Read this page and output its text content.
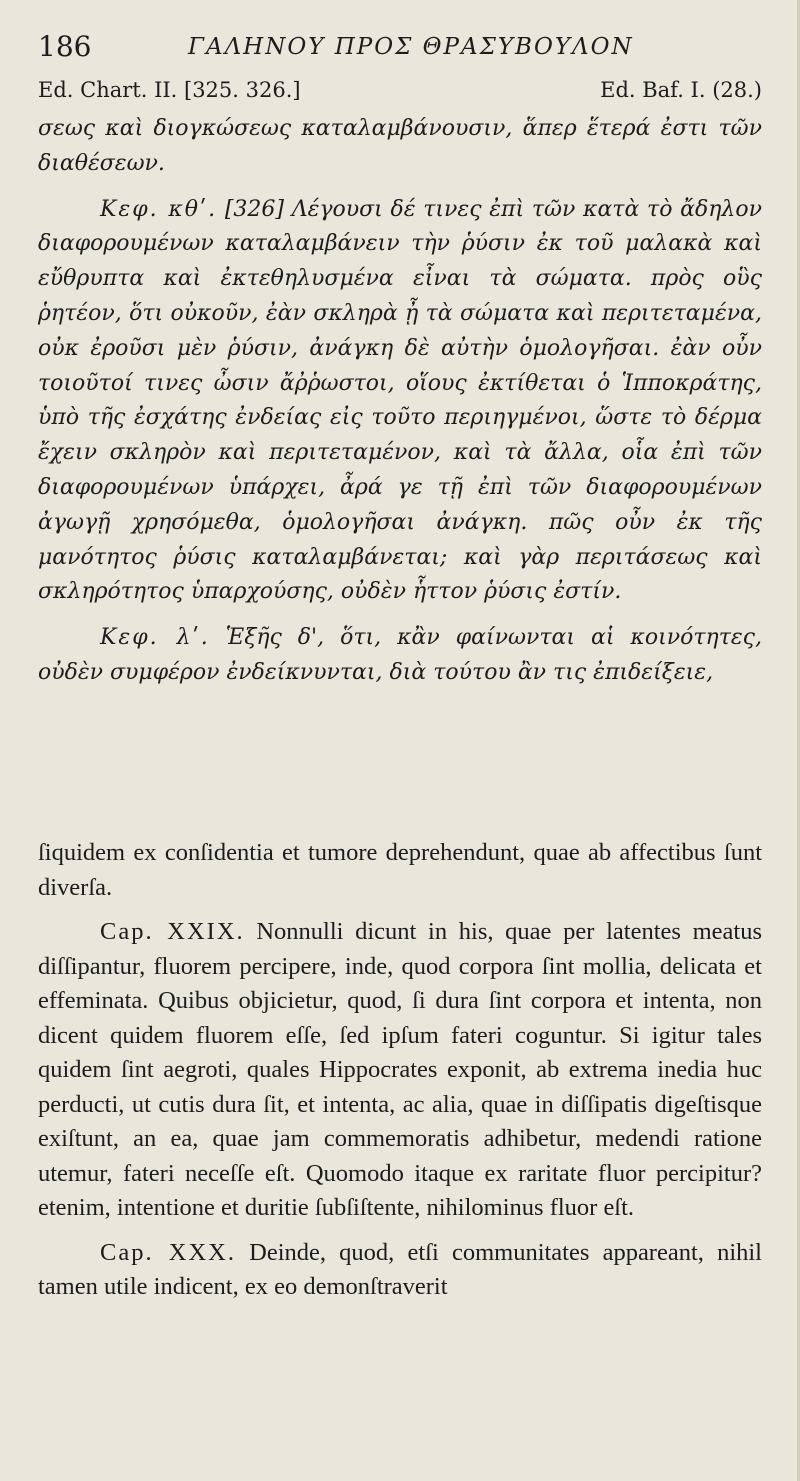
186	ΓΑΛΗΝΟΥ ΠΡΟΣ ΘΡΑΣΥΒΟΥΛΟΝ
Ed. Chart. II. [325. 326.]	Ed. Baf. I. (28.)

σεως καὶ διογκώσεως καταλαμβάνουσιν, ἅπερ ἕτερά ἐστι τῶν διαθέσεων.

Κεφ. κθʹ. [326] Λέγουσι δέ τινες ἐπὶ τῶν κατὰ τὸ ἄδηλον διαφορουμένων καταλαμβάνειν τὴν ῥύσιν ἐκ τοῦ μαλακὰ καὶ εὔθρυπτα καὶ ἐκτεθηλυσμένα εἶναι τὰ σώματα. πρὸς οὓς ῥητέον, ὅτι οὐκοῦν, ἐὰν σκληρὰ ᾖ τὰ σώματα καὶ περιτεταμένα, οὐκ ἐροῦσι μὲν ῥύσιν, ἀνάγκη δὲ αὐτὴν ὁμολογῆσαι. ἐὰν οὖν τοιοῦτοί τινες ὦσιν ἄῤῥωστοι, οἵους ἐκτίθεται ὁ Ἱπποκράτης, ὑπὸ τῆς ἐσχάτης ἐνδείας εἰς τοῦτο περιηγμένοι, ὥστε τὸ δέρμα ἔχειν σκληρὸν καὶ περιτεταμένον, καὶ τὰ ἄλλα, οἷα ἐπὶ τῶν διαφορουμένων ὑπάρχει, ἆρά γε τῇ ἐπὶ τῶν διαφορουμένων ἀγωγῇ χρησόμεθα, ὁμολογῆσαι ἀνάγκη. πῶς οὖν ἐκ τῆς μανότητος ῥύσις καταλαμβάνεται; καὶ γὰρ περιτάσεως καὶ σκληρότητος ὑπαρχούσης, οὐδὲν ἧττον ῥύσις ἐστίν.

Κεφ. λʹ. Ἑξῆς δ', ὅτι, κἂν φαίνωνται αἱ κοινότητες, οὐδὲν συμφέρον ἐνδείκνυνται, διὰ τούτου ἂν τις ἐπιδείξειε,

ſiquidem ex conſidentia et tumore deprehendunt, quae ab affectibus ſunt diverſa.

Cap. XXIX. Nonnulli dicunt in his, quae per latentes meatus diſſipantur, fluorem percipere, inde, quod corpora ſint mollia, delicata et effeminata. Quibus objicietur, quod, ſi dura ſint corpora et intenta, non dicent quidem fluorem eſſe, ſed ipſum fateri coguntur. Si igitur tales quidem ſint aegroti, quales Hippocrates exponit, ab extrema inedia huc perducti, ut cutis dura ſit, et intenta, ac alia, quae in diſſipatis digeſtisque exiſtunt, an ea, quae jam commemoratis adhibetur, medendi ratione utemur, fateri neceſſe eſt. Quomodo itaque ex raritate fluor percipitur? etenim, intentione et duritie ſubſiſtente, nihilominus fluor eſt.

Cap. XXX. Deinde, quod, etſi communitates appareant, nihil tamen utile indicent, ex eo demonſtraverit
